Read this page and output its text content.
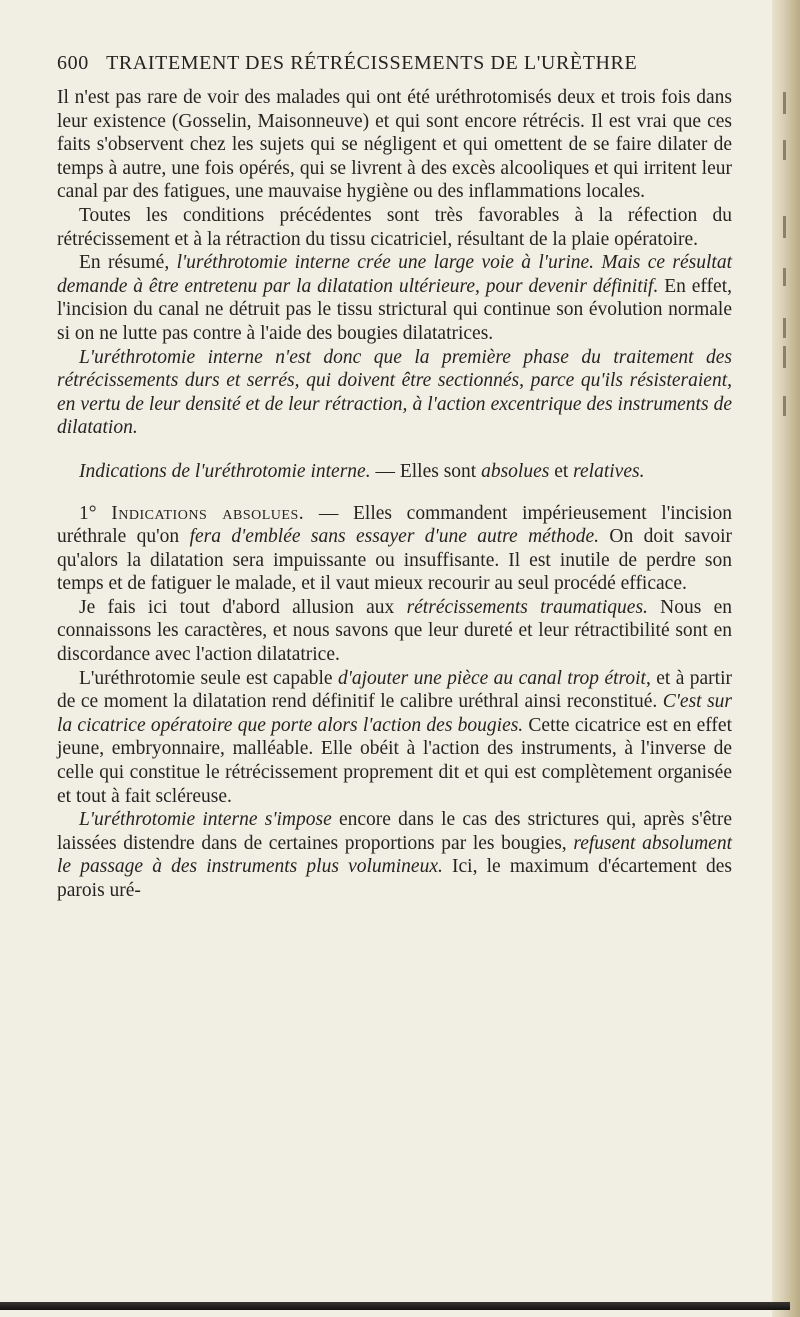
600 TRAITEMENT DES RÉTRÉCISSEMENTS DE L'URÈTHRE

Il n'est pas rare de voir des malades qui ont été uréthrotomisés deux et trois fois dans leur existence (Gosselin, Maisonneuve) et qui sont encore rétrécis. Il est vrai que ces faits s'observent chez les sujets qui se négligent et qui omettent de se faire dilater de temps à autre, une fois opérés, qui se livrent à des excès alcooliques et qui irritent leur canal par des fatigues, une mauvaise hygiène ou des inflammations locales.

Toutes les conditions précédentes sont très favorables à la réfection du rétrécissement et à la rétraction du tissu cicatriciel, résultant de la plaie opératoire.

En résumé, l'uréthrotomie interne crée une large voie à l'urine. Mais ce résultat demande à être entretenu par la dilatation ultérieure, pour devenir définitif. En effet, l'incision du canal ne détruit pas le tissu strictural qui continue son évolution normale si on ne lutte pas contre à l'aide des bougies dilatatrices.

L'uréthrotomie interne n'est donc que la première phase du traitement des rétrécissements durs et serrés, qui doivent être sectionnés, parce qu'ils résisteraient, en vertu de leur densité et de leur rétraction, à l'action excentrique des instruments de dilatation.

Indications de l'uréthrotomie interne. — Elles sont absolues et relatives.

1° Indications absolues. — Elles commandent impérieusement l'incision uréthrale qu'on fera d'emblée sans essayer d'une autre méthode. On doit savoir qu'alors la dilatation sera impuissante ou insuffisante. Il est inutile de perdre son temps et de fatiguer le malade, et il vaut mieux recourir au seul procédé efficace.

Je fais ici tout d'abord allusion aux rétrécissements traumatiques. Nous en connaissons les caractères, et nous savons que leur dureté et leur rétractibilité sont en discordance avec l'action dilatatrice.

L'uréthrotomie seule est capable d'ajouter une pièce au canal trop étroit, et à partir de ce moment la dilatation rend définitif le calibre uréthral ainsi reconstitué. C'est sur la cicatrice opératoire que porte alors l'action des bougies. Cette cicatrice est en effet jeune, embryonnaire, malléable. Elle obéit à l'action des instruments, à l'inverse de celle qui constitue le rétrécissement proprement dit et qui est complètement organisée et tout à fait scléreuse.

L'uréthrotomie interne s'impose encore dans le cas des strictures qui, après s'être laissées distendre dans de certaines proportions par les bougies, refusent absolument le passage à des instruments plus volumineux. Ici, le maximum d'écartement des parois uré-
